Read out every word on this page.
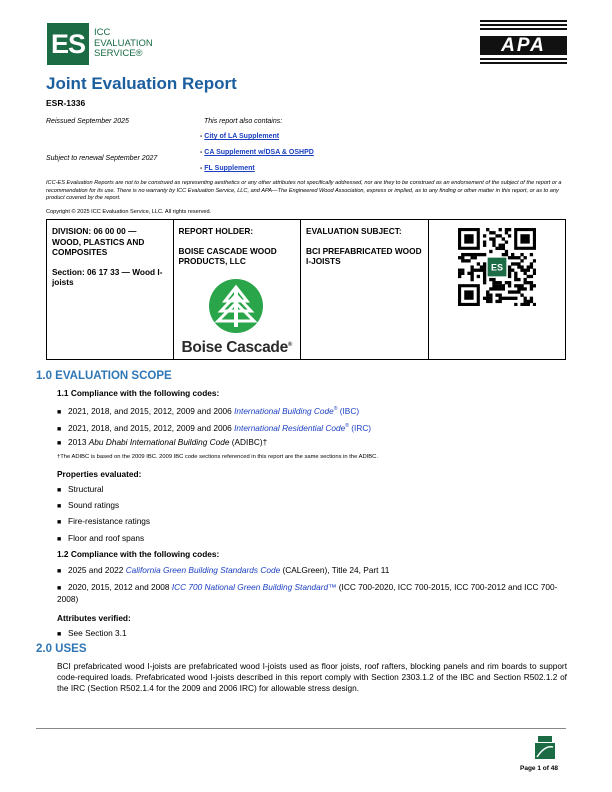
ES ICC
EVALUATION
SERVICE®	APA
Joint Evaluation Report
ESR-1336
Reissued September 2025
Subject to renewal September 2027
This report also contains:
- City of LA Supplement
- CA Supplement w/DSA & OSHPD
- FL Supplement
ICC-ES Evaluation Reports are not to be construed as representing aesthetics or any other attributes not specifically addressed, nor are they to be construed as an endorsement of the subject of the report or a recommendation for its use. There is no warranty by ICC Evaluation Service, LLC, and APA—The Engineered Wood Association, express or implied, as to any finding or other matter in this report, or as to any product covered by the report.
Copyright © 2025 ICC Evaluation Service, LLC. All rights reserved.
DIVISION: 06 00 00 —
WOOD, PLASTICS AND COMPOSITES
Section: 06 17 33 — Wood I-joists
REPORT HOLDER:
BOISE CASCADE WOOD PRODUCTS, LLC
Boise Cascade®
EVALUATION SUBJECT:
BCI PREFABRICATED WOOD I-JOISTS
ES
1.0 EVALUATION SCOPE
1.1 Compliance with the following codes:
■ 2021, 2018, and 2015, 2012, 2009 and 2006 International Building Code® (IBC)
■ 2021, 2018, and 2015, 2012, 2009 and 2006 International Residential Code® (IRC)
■ 2013 Abu Dhabi International Building Code (ADIBC)†
†The ADIBC is based on the 2009 IBC. 2009 IBC code sections referenced in this report are the same sections in the ADIBC.
Properties evaluated:
■ Structural
■ Sound ratings
■ Fire-resistance ratings
■ Floor and roof spans
1.2 Compliance with the following codes:
■ 2025 and 2022 California Green Building Standards Code (CALGreen), Title 24, Part 11
■ 2020, 2015, 2012 and 2008 ICC 700 National Green Building Standard™ (ICC 700-2020, ICC 700-2015, ICC 700-2012 and ICC 700-2008)
Attributes verified:
■ See Section 3.1
2.0 USES
BCI prefabricated wood I-joists are prefabricated wood I-joists used as floor joists, roof rafters, blocking panels and rim boards to support code-required loads. Prefabricated wood I-joists described in this report comply with Section 2303.1.2 of the IBC and Section R502.1.2 of the IRC (Section R502.1.4 for the 2009 and 2006 IRC) for allowable stress design.
Page 1 of 48
